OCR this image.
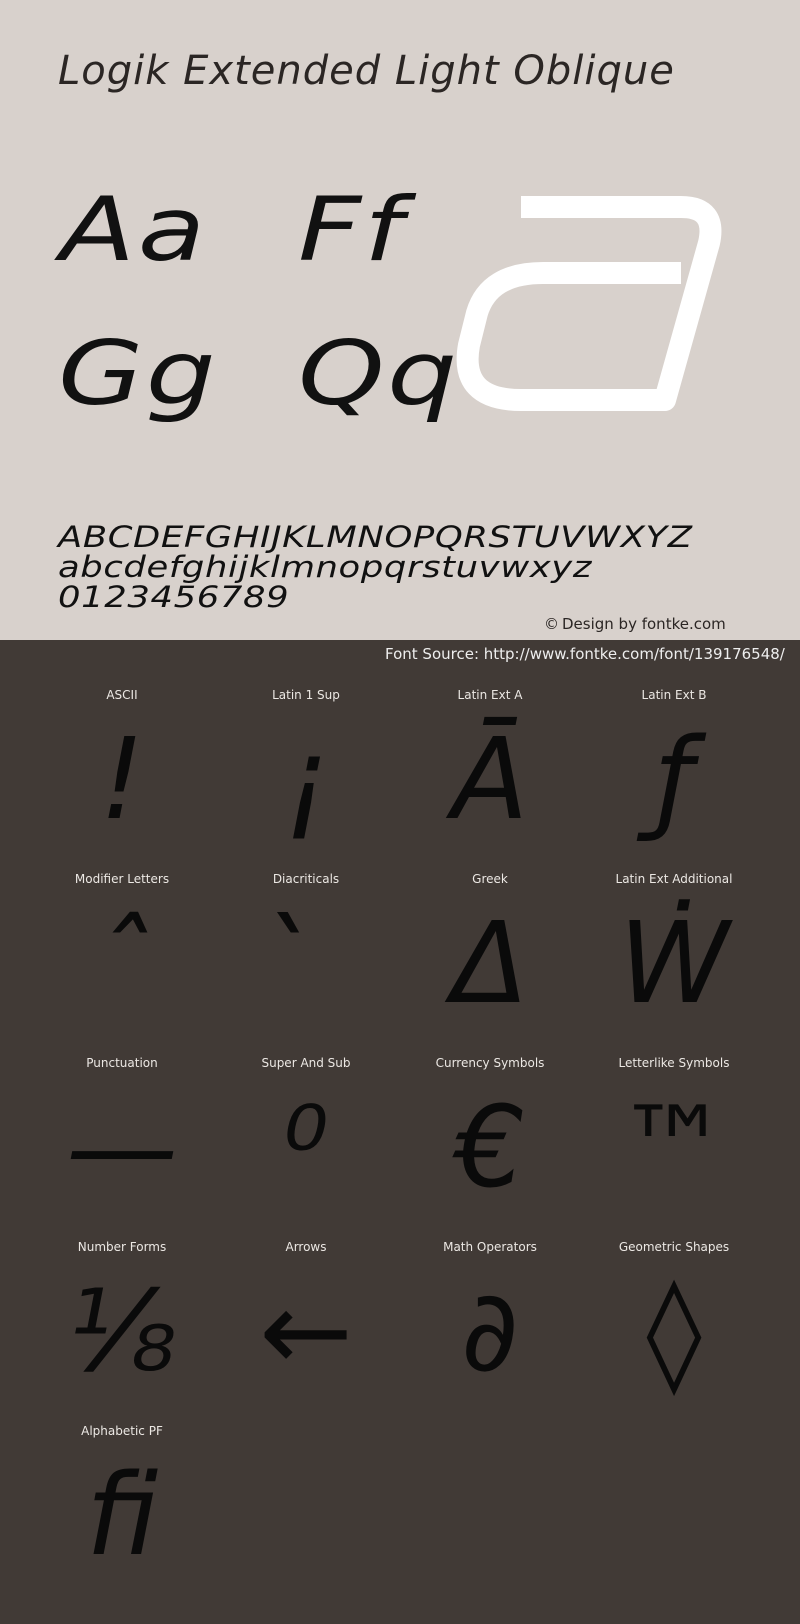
Logik Extended Light Oblique
Aa Ff
Gg Qq
ABCDEFGHIJKLMNOPQRSTUVWXYZ
abcdefghijklmnopqrstuvwxyz
0123456789
© Design by fontke.com
Font Source: http://www.fontke.com/font/139176548/
ASCII
!
Latin 1 Sup
¡
Latin Ext A
Ā
Latin Ext B
ƒ
Modifier Letters
ˆ
Diacriticals	Greek
Δ
Latin Ext Additional
Ẇ
Punctuation
—
Super And Sub
⁰
Currency Symbols
€
Letterlike Symbols
™
Number Forms
⅛
Arrows
←
Math Operators
∂
Geometric Shapes
◊
Alphabetic PF
ﬁ
